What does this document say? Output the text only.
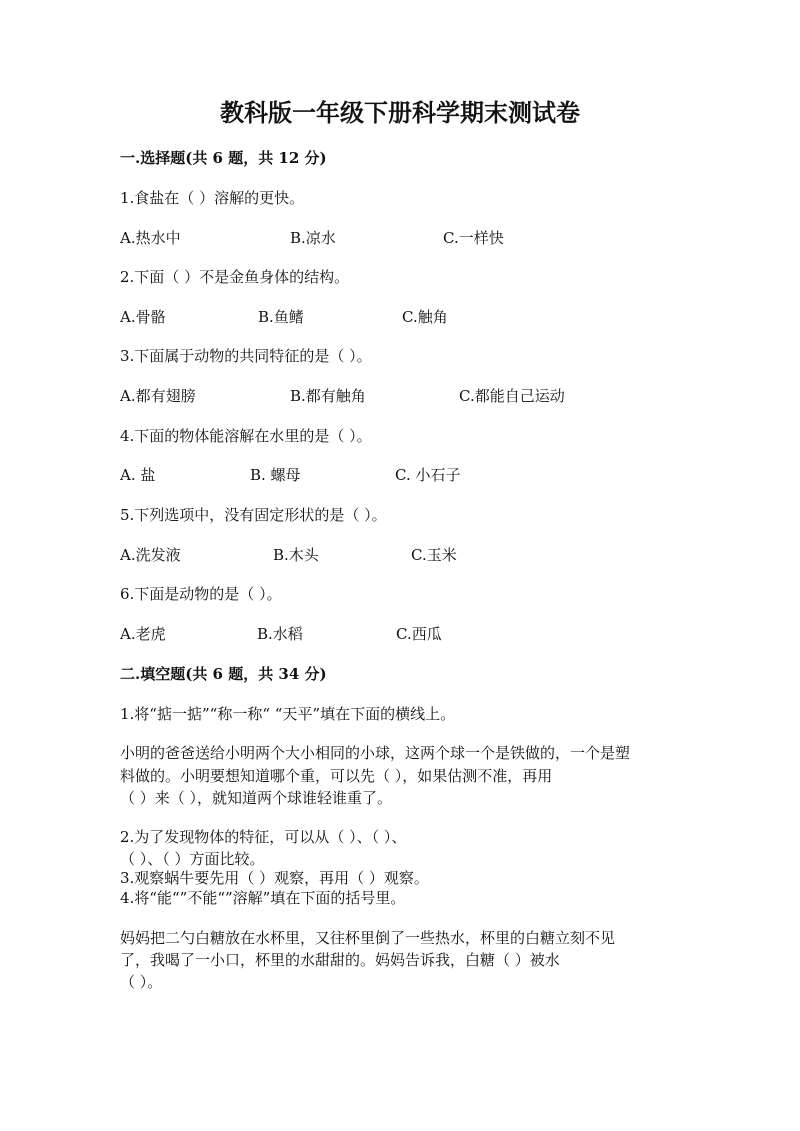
教科版一年级下册科学期末测试卷
一.选择题(共 6 题，共 12 分)
1.食盐在（ ）溶解的更快。
A.热水中	B.凉水	C.一样快
2.下面（ ）不是金鱼身体的结构。
A.骨骼	B.鱼鳍	C.触角
3.下面属于动物的共同特征的是（ ）。
A.都有翅膀	B.都有触角	C.都能自己运动
4.下面的物体能溶解在水里的是（ ）。
A. 盐	B. 螺母	C. 小石子
5.下列选项中，没有固定形状的是（ ）。
A.洗发液	B.木头	C.玉米
6.下面是动物的是（ ）。
A.老虎	B.水稻	C.西瓜
二.填空题(共 6 题，共 34 分)
1.将“掂一掂”“称一称“ “天平”填在下面的横线上。
小明的爸爸送给小明两个大小相同的小球，这两个球一个是铁做的，一个是塑
料做的。小明要想知道哪个重，可以先（ ），如果估测不准，再用
（ ）来（ ），就知道两个球谁轻谁重了。
2.为了发现物体的特征，可以从（ ）、（ ）、
（ ）、（ ）方面比较。
3.观察蜗牛要先用（ ）观察，再用（ ）观察。
4.将“能“”不能“”溶解”填在下面的括号里。
妈妈把二勺白糖放在水杯里，又往杯里倒了一些热水，杯里的白糖立刻不见
了，我喝了一小口，杯里的水甜甜的。妈妈告诉我，白糖（ ）被水
（ ）。
